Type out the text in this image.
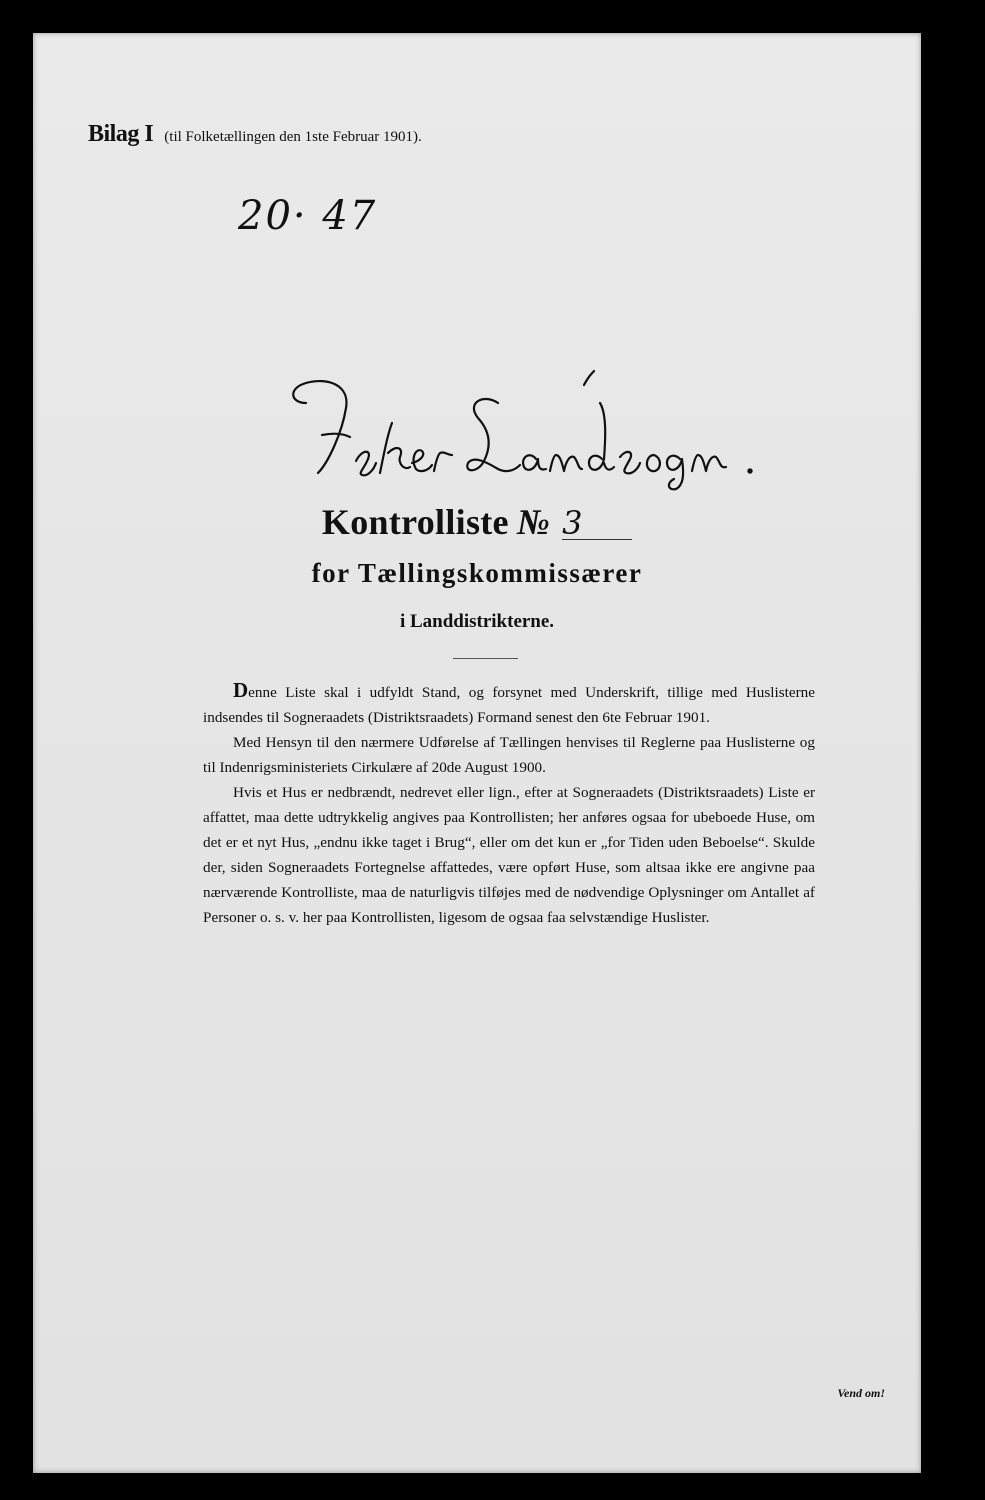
Bilag I (til Folketællingen den 1ste Februar 1901).
20· 47
Kontrolliste № 3
for Tællingskommissærer
i Landdistrikterne.

Denne Liste skal i udfyldt Stand, og forsynet med Underskrift, tillige med Huslisterne indsendes til Sogneraadets (Distriktsraadets) Formand senest den 6te Februar 1901.

Med Hensyn til den nærmere Udførelse af Tællingen henvises til Reglerne paa Huslisterne og til Indenrigsministeriets Cirkulære af 20de August 1900.

Hvis et Hus er nedbrændt, nedrevet eller lign., efter at Sogneraadets (Distriktsraadets) Liste er affattet, maa dette udtrykkelig angives paa Kontrollisten; her anføres ogsaa for ubeboede Huse, om det er et nyt Hus, „endnu ikke taget i Brug“, eller om det kun er „for Tiden uden Beboelse“. Skulde der, siden Sogneraadets Fortegnelse affattedes, være opført Huse, som altsaa ikke ere angivne paa nærværende Kontrolliste, maa de naturligvis tilføjes med de nødvendige Oplysninger om Antallet af Personer o. s. v. her paa Kontrollisten, ligesom de ogsaa faa selvstændige Huslister.

Vend om!
